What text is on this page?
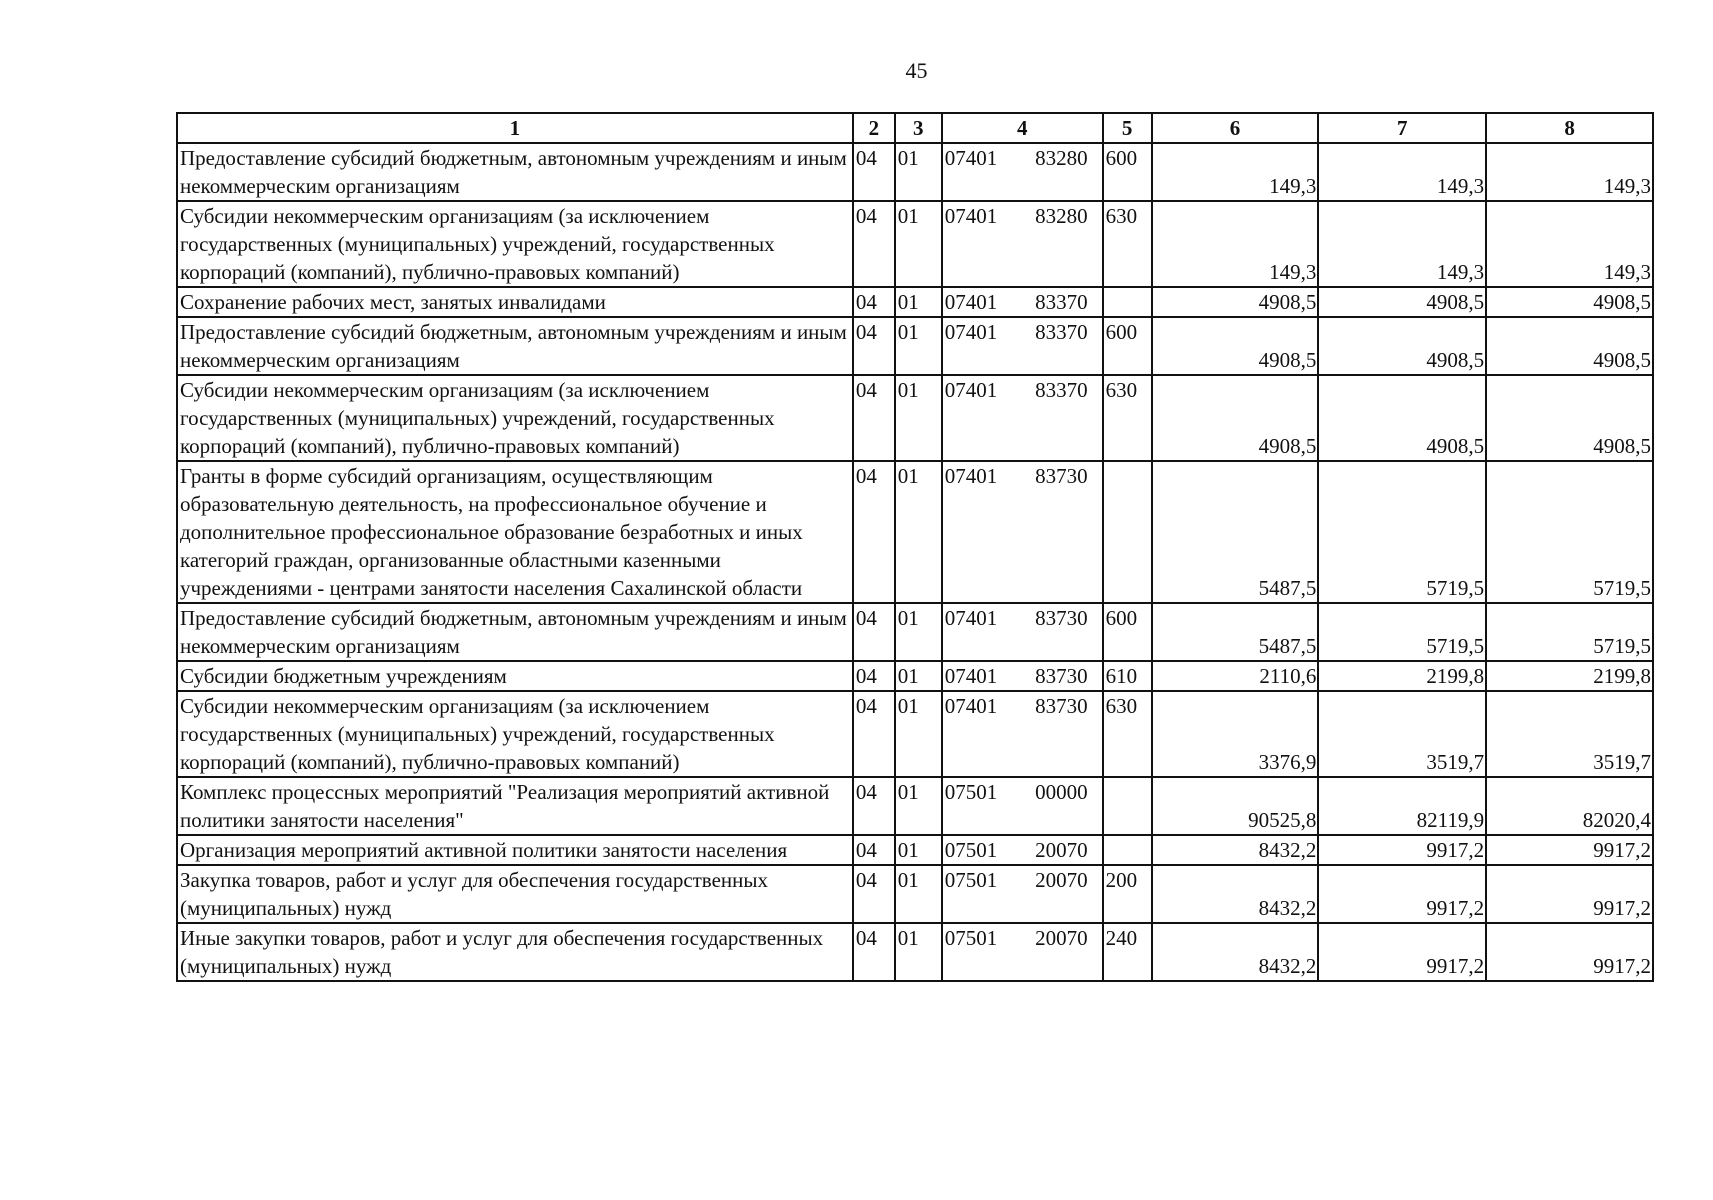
45
1	2	3	4		5	6	7	8
Предоставление субсидий бюджетным, автономным учреждениям и иным некоммерческим организациям	04	01	07401	83280	600	149,3	149,3	149,3
Субсидии некоммерческим организациям (за исключением государственных (муниципальных) учреждений, государственных корпораций (компаний), публично-правовых компаний)	04	01	07401	83280	630	149,3	149,3	149,3
Сохранение рабочих мест, занятых инвалидами	04	01	07401	83370		4908,5	4908,5	4908,5
Предоставление субсидий бюджетным, автономным учреждениям и иным некоммерческим организациям	04	01	07401	83370	600	4908,5	4908,5	4908,5
Субсидии некоммерческим организациям (за исключением государственных (муниципальных) учреждений, государственных корпораций (компаний), публично-правовых компаний)	04	01	07401	83370	630	4908,5	4908,5	4908,5
Гранты в форме субсидий организациям, осуществляющим образовательную деятельность, на профессиональное обучение и дополнительное профессиональное образование безработных и иных категорий граждан, организованные областными казенными учреждениями - центрами занятости населения Сахалинской области	04	01	07401	83730		5487,5	5719,5	5719,5
Предоставление субсидий бюджетным, автономным учреждениям и иным некоммерческим организациям	04	01	07401	83730	600	5487,5	5719,5	5719,5
Субсидии бюджетным учреждениям	04	01	07401	83730	610	2110,6	2199,8	2199,8
Субсидии некоммерческим организациям (за исключением государственных (муниципальных) учреждений, государственных корпораций (компаний), публично-правовых компаний)	04	01	07401	83730	630	3376,9	3519,7	3519,7
Комплекс процессных мероприятий "Реализация мероприятий активной политики занятости населения"	04	01	07501	00000		90525,8	82119,9	82020,4
Организация мероприятий активной политики занятости населения	04	01	07501	20070		8432,2	9917,2	9917,2
Закупка товаров, работ и услуг для обеспечения государственных (муниципальных) нужд	04	01	07501	20070	200	8432,2	9917,2	9917,2
Иные закупки товаров, работ и услуг для обеспечения государственных (муниципальных) нужд	04	01	07501	20070	240	8432,2	9917,2	9917,2
